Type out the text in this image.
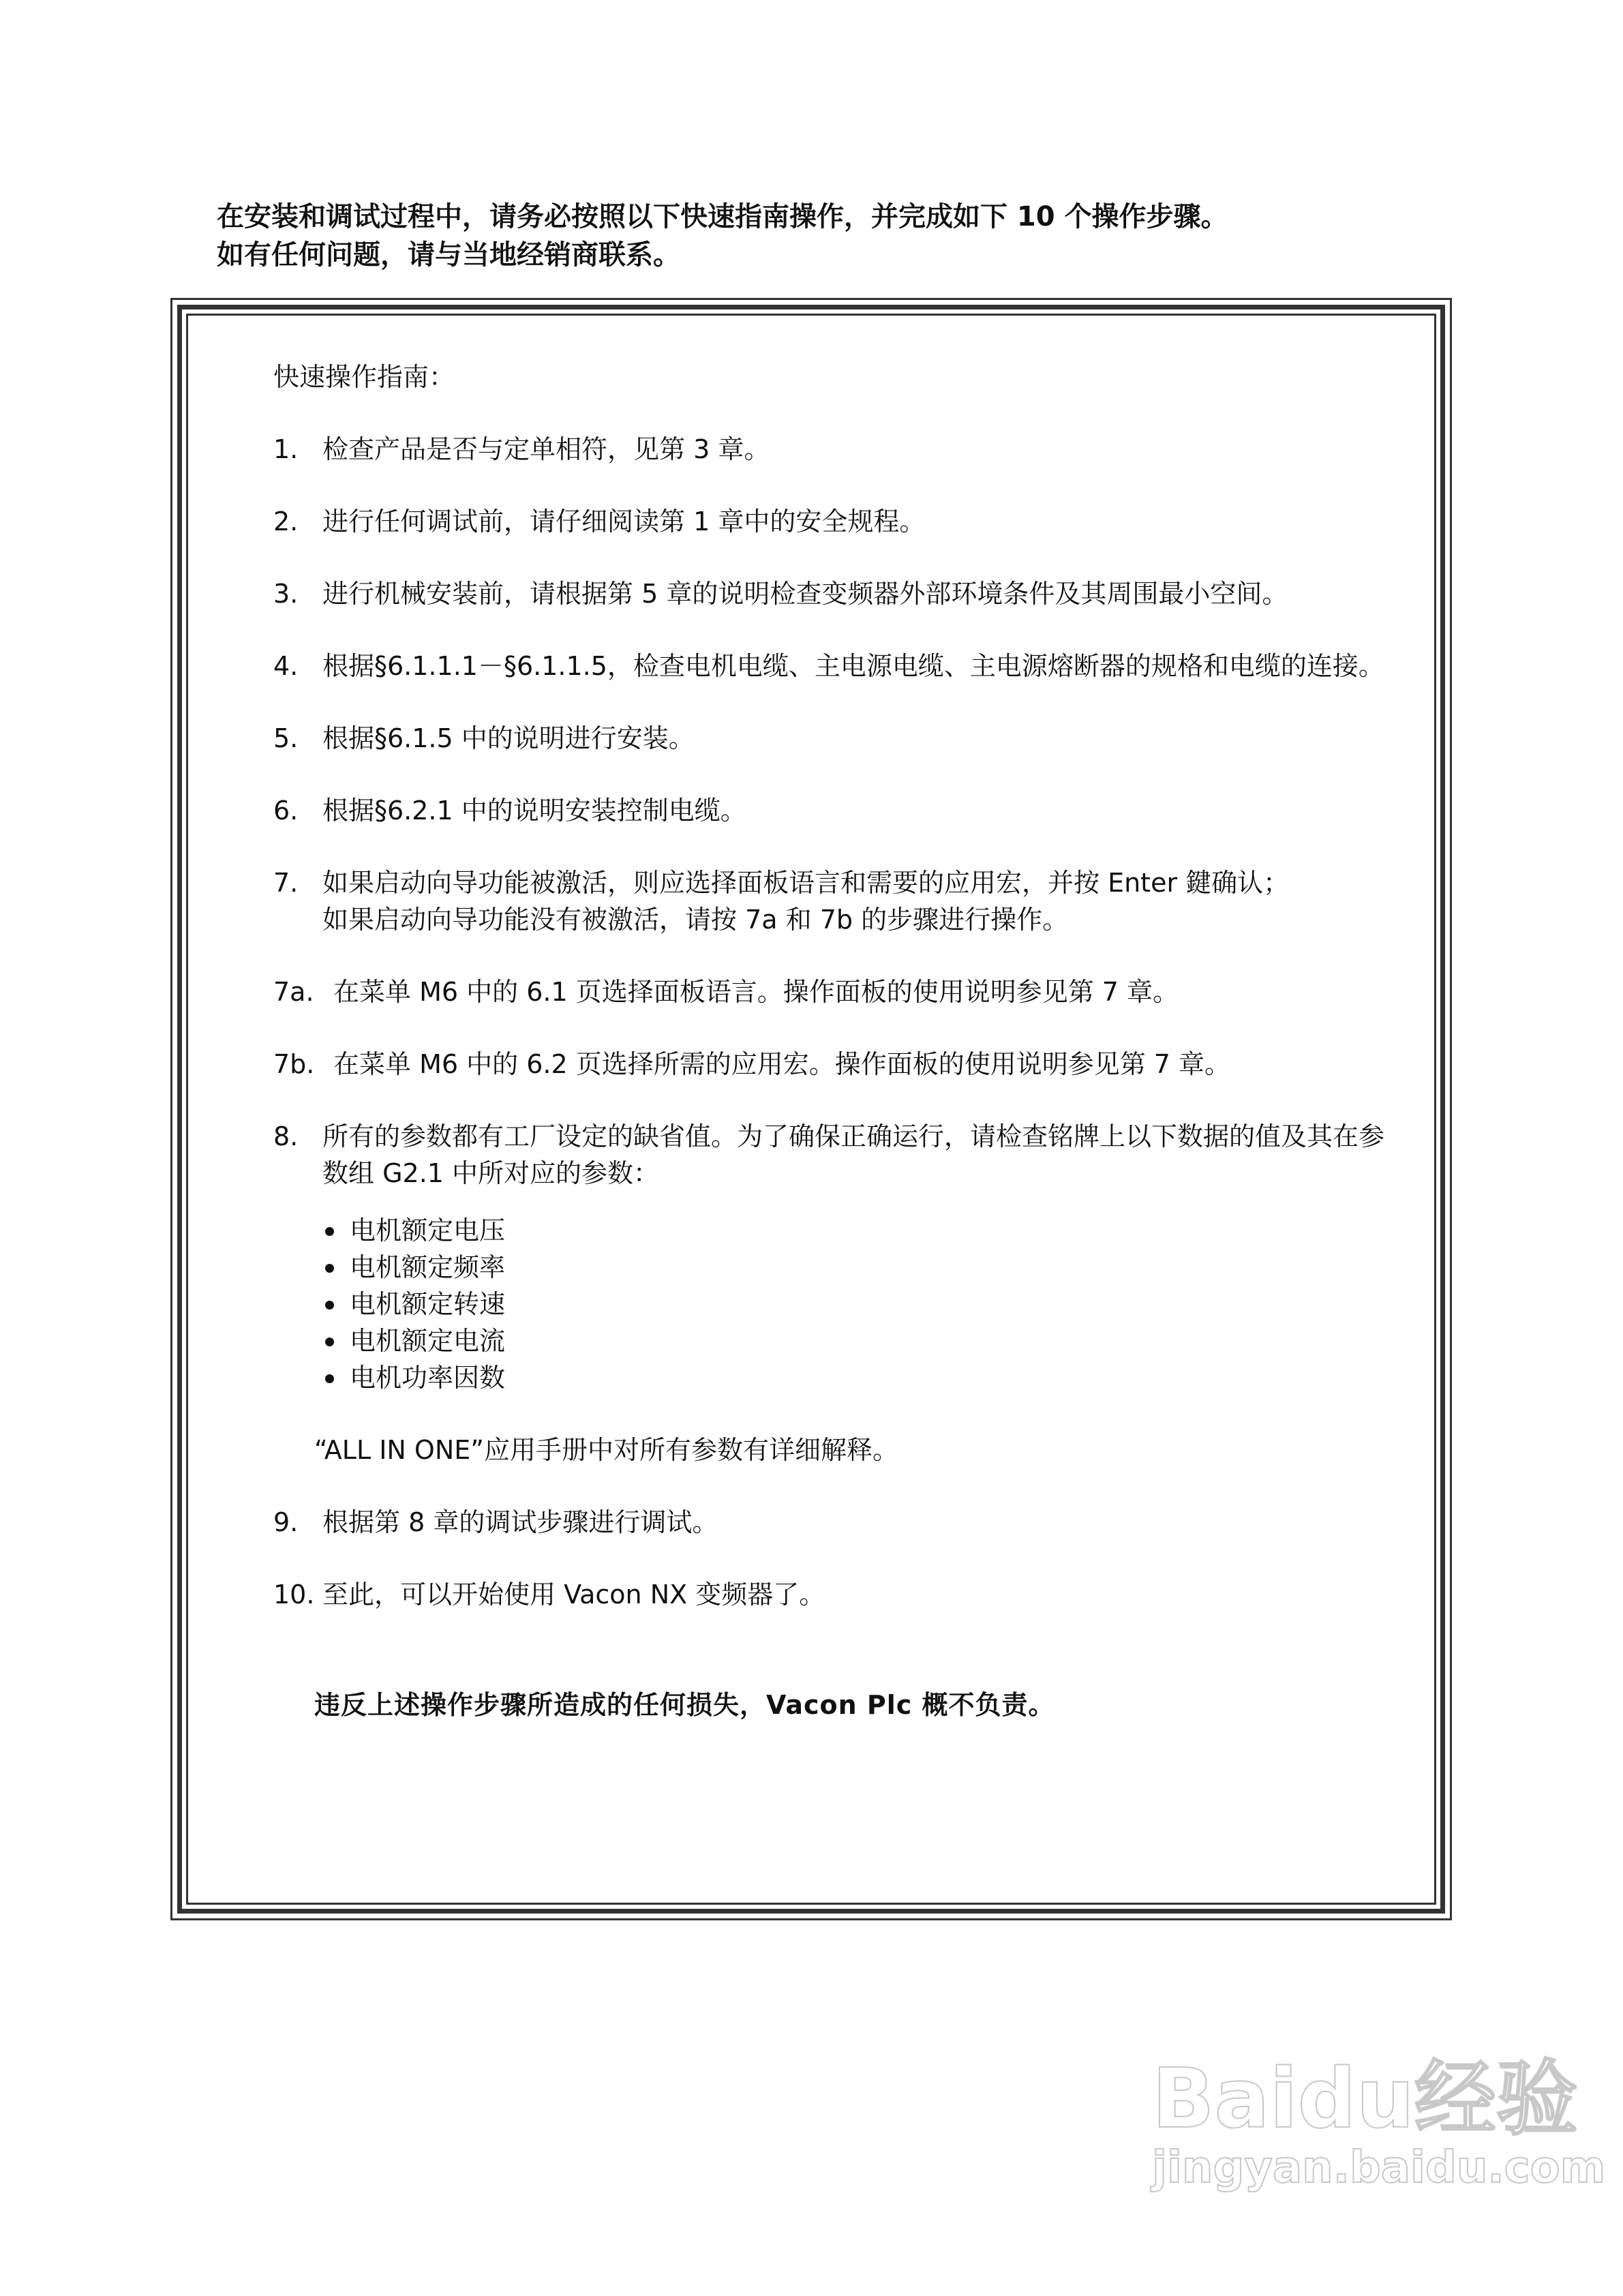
在安装和调试过程中，请务必按照以下快速指南操作，并完成如下 10 个操作步骤。
如有任何问题，请与当地经销商联系。
快速操作指南：
1. 检查产品是否与定单相符，见第 3 章。
2. 进行任何调试前，请仔细阅读第 1 章中的安全规程。
3. 进行机械安装前，请根据第 5 章的说明检查变频器外部环境条件及其周围最小空间。
4. 根据§6.1.1.1－§6.1.1.5，检查电机电缆、主电源电缆、主电源熔断器的规格和电缆的连接。
5. 根据§6.1.5 中的说明进行安装。
6. 根据§6.2.1 中的说明安装控制电缆。
7. 如果启动向导功能被激活，则应选择面板语言和需要的应用宏，并按 Enter 鍵确认；
如果启动向导功能没有被激活，请按 7a 和 7b 的步骤进行操作。
7a. 在菜单 M6 中的 6.1 页选择面板语言。操作面板的使用说明参见第 7 章。
7b. 在菜单 M6 中的 6.2 页选择所需的应用宏。操作面板的使用说明参见第 7 章。
8. 所有的参数都有工厂设定的缺省值。为了确保正确运行，请检查铭牌上以下数据的值及其在参数组 G2.1 中所对应的参数：
电机额定电压
电机额定频率
电机额定转速
电机额定电流
电机功率因数
“ALL IN ONE”应用手册中对所有参数有详细解释。
9. 根据第 8 章的调试步骤进行调试。
10. 至此，可以开始使用 Vacon NX 变频器了。
违反上述操作步骤所造成的任何损失，Vacon Plc 概不负责。
Baidu经验
jingyan.baidu.com
